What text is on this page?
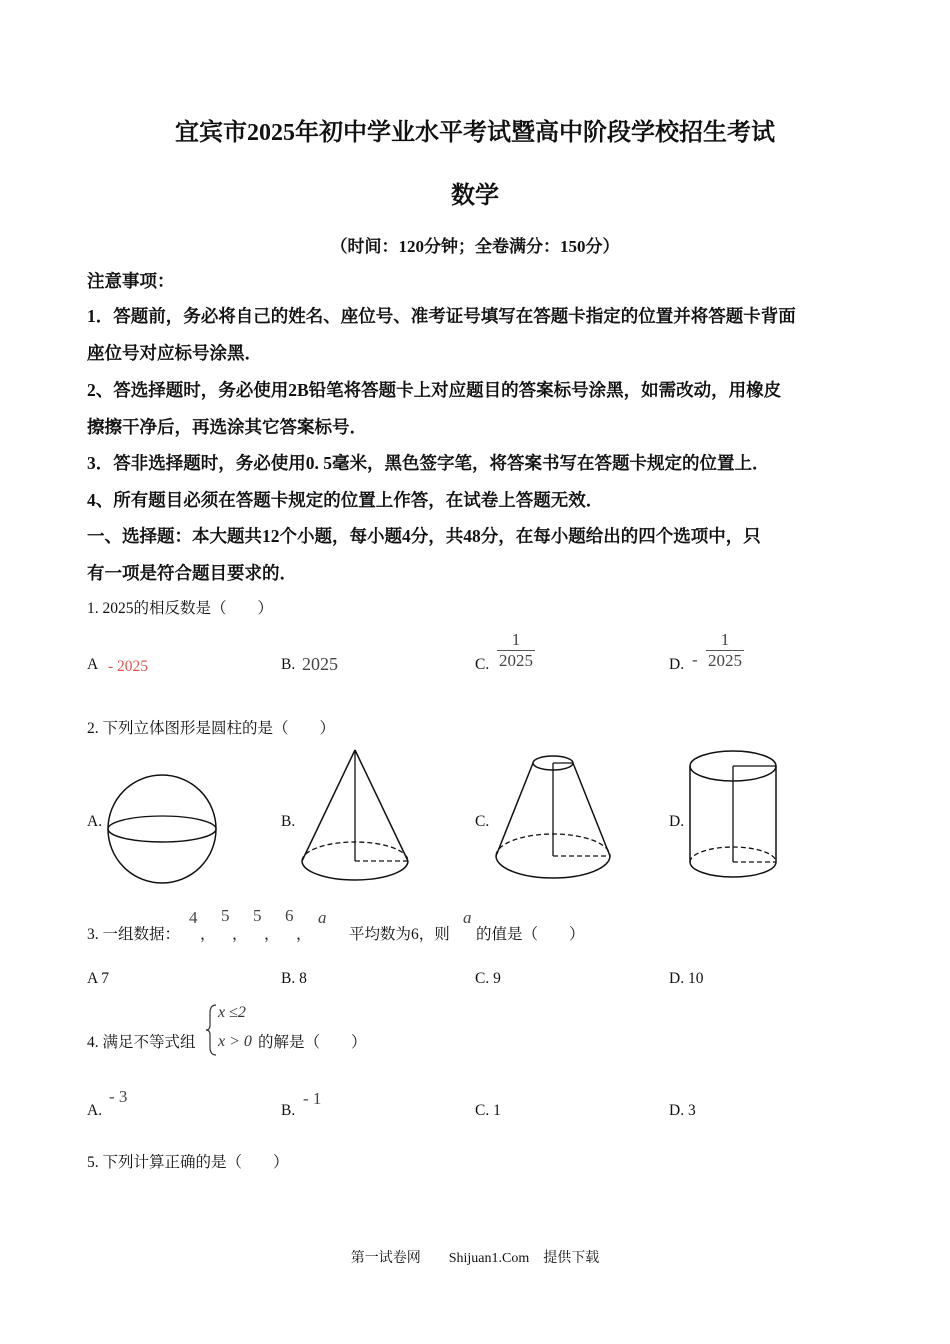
宜宾市2025年初中学业水平考试暨高中阶段学校招生考试
数学
（时间：120分钟；全卷满分：150分）
注意事项：
1．答题前，务必将自己的姓名、座位号、准考证号填写在答题卡指定的位置并将答题卡背面
座位号对应标号涂黑．
2、答选择题时，务必使用2B铅笔将答题卡上对应题目的答案标号涂黑，如需改动，用橡皮
擦擦干净后，再选涂其它答案标号．
3．答非选择题时，务必使用0. 5毫米，黑色签字笔，将答案书写在答题卡规定的位置上．
4、所有题目必须在答题卡规定的位置上作答，在试卷上答题无效．
一、选择题：本大题共12个小题，每小题4分，共48分，在每小题给出的四个选项中，只
有一项是符合题目要求的．
1. 2025的相反数是（　　）
A - 2025	B. 2025	C. $\frac{1}{2025}$	D. - $\frac{1}{2025}$
2. 下列立体图形是圆柱的是（　　）
A.	B.	C.	D.
3. 一组数据：
4
，
5
，
5
，
6
，
a
平均数为6，则
a
的值是（　　）
A 7	B. 8	C. 9	D. 10
4. 满足不等式组
x ≤2
x > 0 的解是（　　）
A.
- 3
B.
- 1
C. 1	D. 3
5. 下列计算正确的是（　　）
第一试卷网　　Shijuan1.Com　提供下载
